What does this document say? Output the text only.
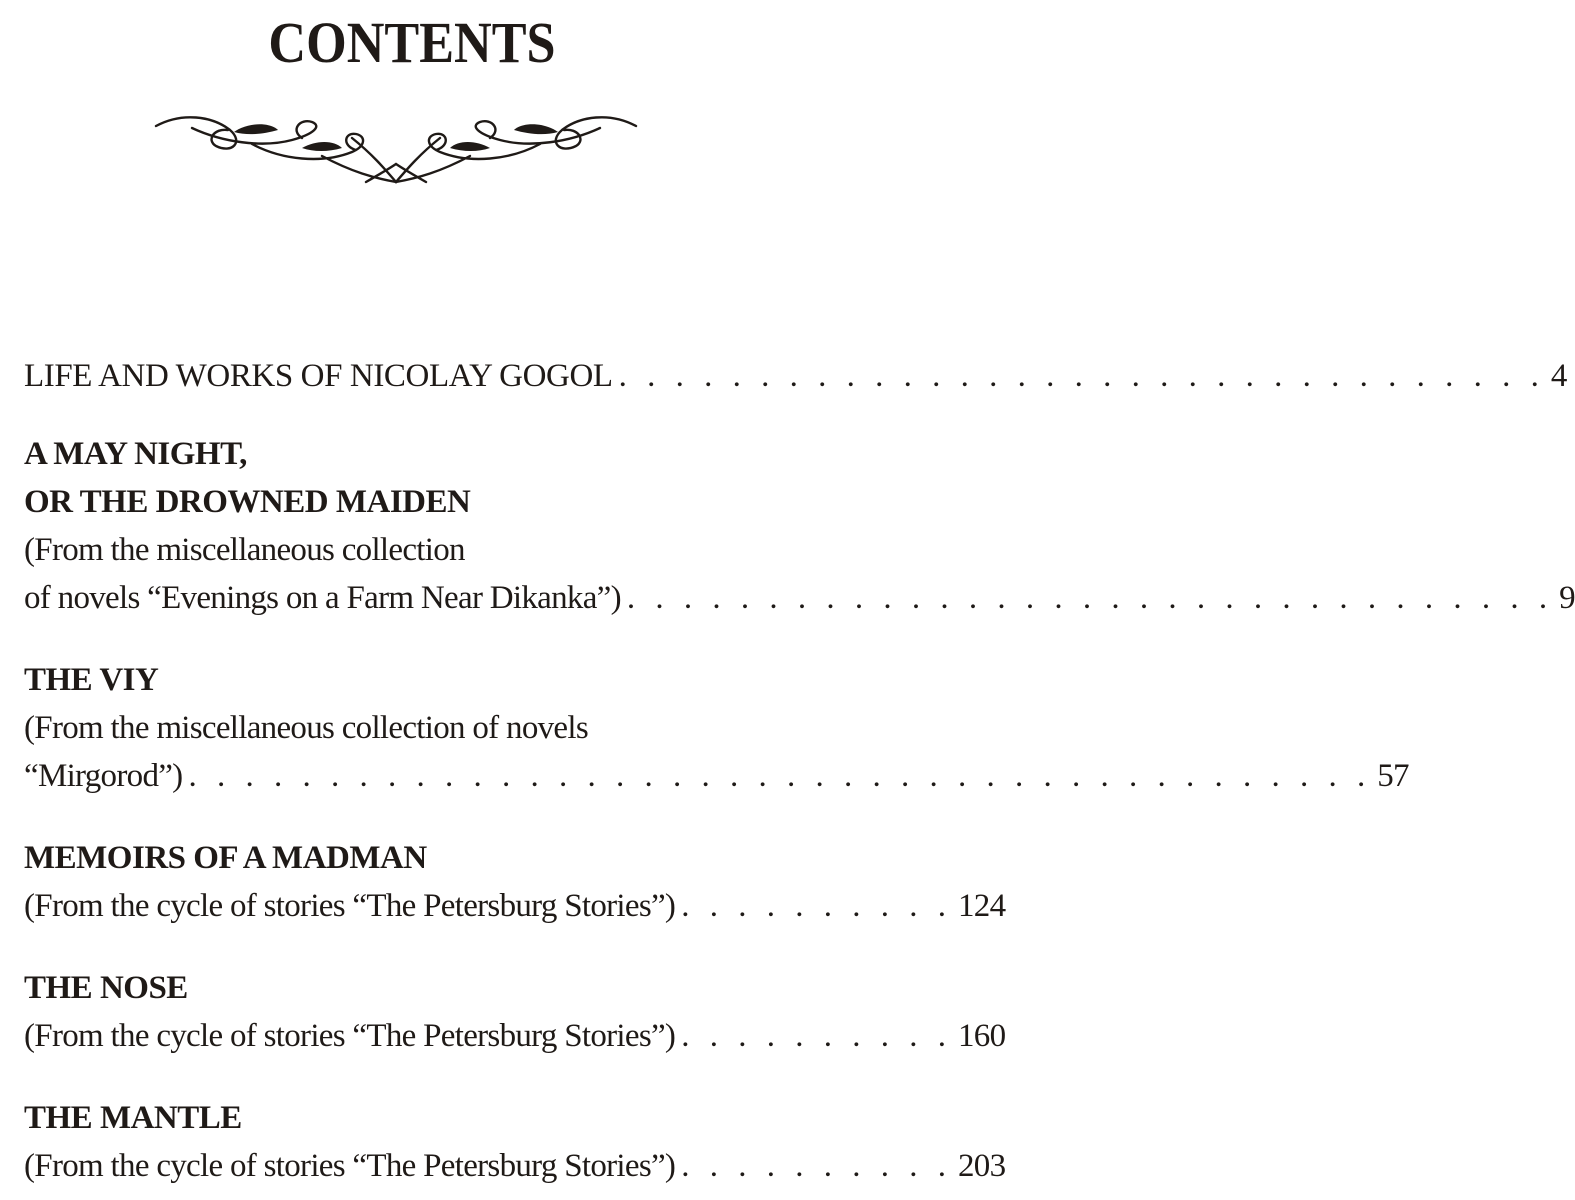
CONTENTS
LIFE AND WORKS OF NICOLAY GOGOL . . . . . . . . . . . . . . . . . . . . . . . . . . . . . . . . . 4
A MAY NIGHT,
OR THE DROWNED MAIDEN
(From the miscellaneous collection
of novels “Evenings on a Farm Near Dikanka”) . . . . . . . . . . . . . . . . . . . . . . . . . . . . . . . . . 9
THE VIY
(From the miscellaneous collection of novels
“Mirgorod”) . . . . . . . . . . . . . . . . . . . . . . . . . . . . . . . . . . . . . . . . . . 57
MEMOIRS OF A MADMAN
(From the cycle of stories “The Petersburg Stories”) . . . . . . . . . . 124
THE NOSE
(From the cycle of stories “The Petersburg Stories”) . . . . . . . . . . 160
THE MANTLE
(From the cycle of stories “The Petersburg Stories”) . . . . . . . . . . 203
